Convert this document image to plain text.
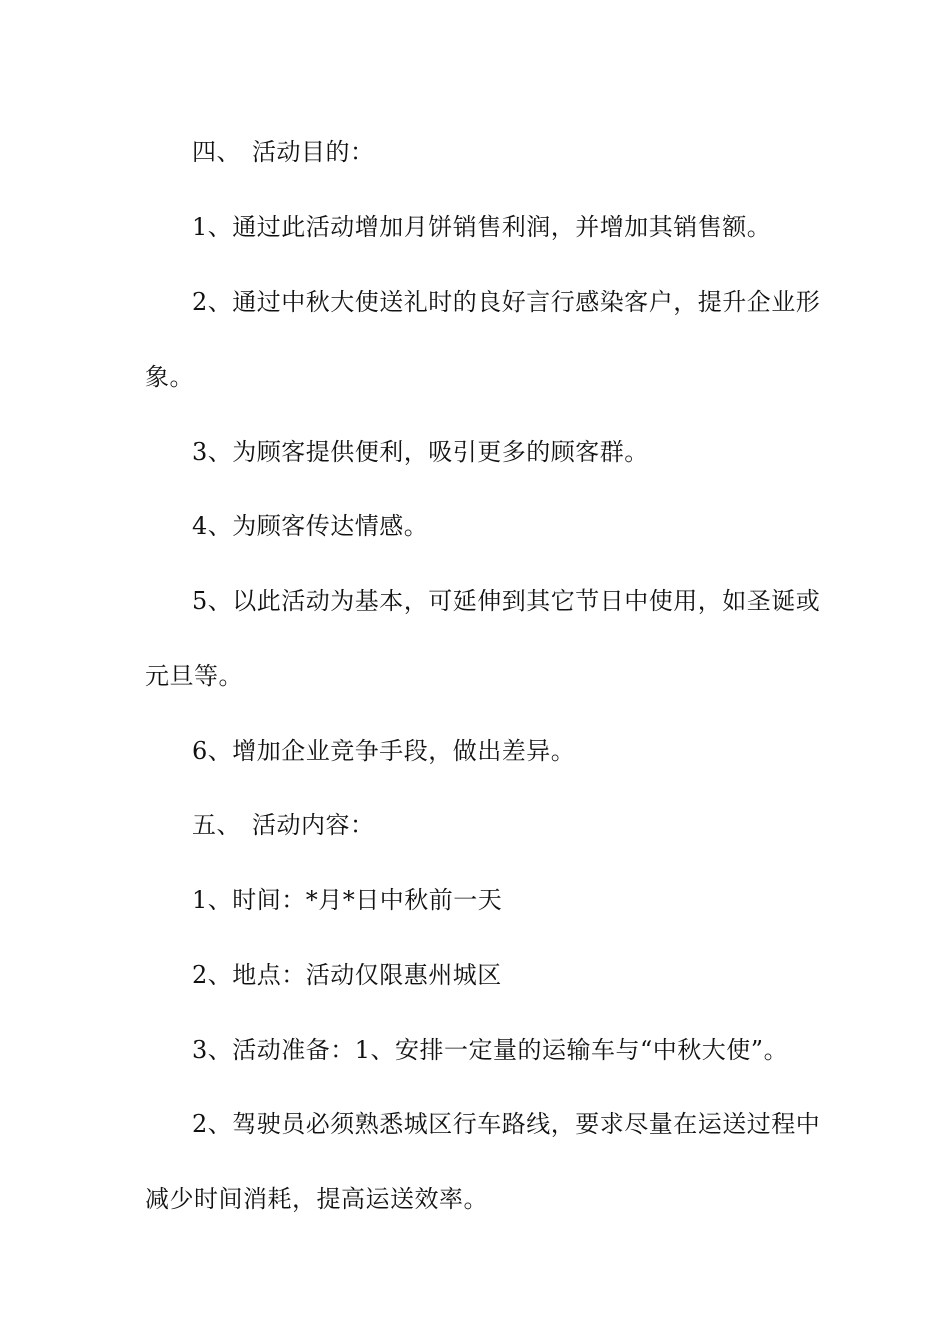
四、 活动目的：
1、通过此活动增加月饼销售利润，并增加其销售额。
2、通过中秋大使送礼时的良好言行感染客户，提升企业形
象。
3、为顾客提供便利，吸引更多的顾客群。
4、为顾客传达情感。
5、以此活动为基本，可延伸到其它节日中使用，如圣诞或
元旦等。
6、增加企业竞争手段，做出差异。
五、 活动内容：
1、时间：*月*日中秋前一天
2、地点：活动仅限惠州城区
3、活动准备：1、安排一定量的运输车与“中秋大使”。
2、驾驶员必须熟悉城区行车路线，要求尽量在运送过程中
减少时间消耗，提高运送效率。
